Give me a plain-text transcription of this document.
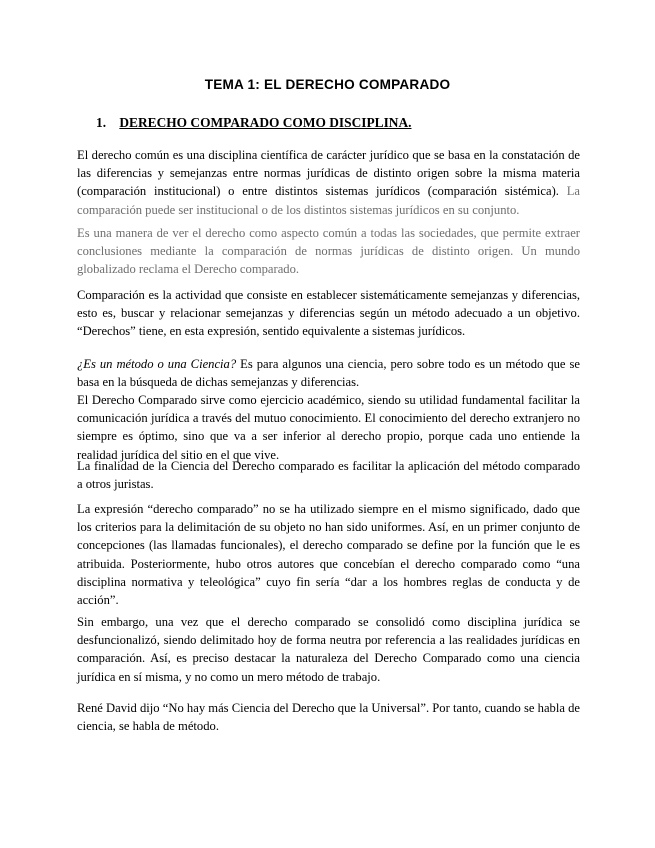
TEMA 1: EL DERECHO COMPARADO
1. DERECHO COMPARADO COMO DISCIPLINA.

El derecho común es una disciplina científica de carácter jurídico que se basa en la constatación de las diferencias y semejanzas entre normas jurídicas de distinto origen sobre la misma materia (comparación institucional) o entre distintos sistemas jurídicos (comparación sistémica). La comparación puede ser institucional o de los distintos sistemas jurídicos en su conjunto.

Es una manera de ver el derecho como aspecto común a todas las sociedades, que permite extraer conclusiones mediante la comparación de normas jurídicas de distinto origen. Un mundo globalizado reclama el Derecho comparado.

Comparación es la actividad que consiste en establecer sistemáticamente semejanzas y diferencias, esto es, buscar y relacionar semejanzas y diferencias según un método adecuado a un objetivo. “Derechos” tiene, en esta expresión, sentido equivalente a sistemas jurídicos.

¿Es un método o una Ciencia? Es para algunos una ciencia, pero sobre todo es un método que se basa en la búsqueda de dichas semejanzas y diferencias.

El Derecho Comparado sirve como ejercicio académico, siendo su utilidad fundamental facilitar la comunicación jurídica a través del mutuo conocimiento. El conocimiento del derecho extranjero no siempre es óptimo, sino que va a ser inferior al derecho propio, porque cada uno entiende la realidad jurídica del sitio en el que vive.

La finalidad de la Ciencia del Derecho comparado es facilitar la aplicación del método comparado a otros juristas.

La expresión “derecho comparado” no se ha utilizado siempre en el mismo significado, dado que los criterios para la delimitación de su objeto no han sido uniformes. Así, en un primer conjunto de concepciones (las llamadas funcionales), el derecho comparado se define por la función que le es atribuida. Posteriormente, hubo otros autores que concebían el derecho comparado como “una disciplina normativa y teleológica” cuyo fin sería “dar a los hombres reglas de conducta y de acción”.

Sin embargo, una vez que el derecho comparado se consolidó como disciplina jurídica se desfuncionalizó, siendo delimitado hoy de forma neutra por referencia a las realidades jurídicas en comparación. Así, es preciso destacar la naturaleza del Derecho Comparado como una ciencia jurídica en sí misma, y no como un mero método de trabajo.

René David dijo “No hay más Ciencia del Derecho que la Universal”. Por tanto, cuando se habla de ciencia, se habla de método.
